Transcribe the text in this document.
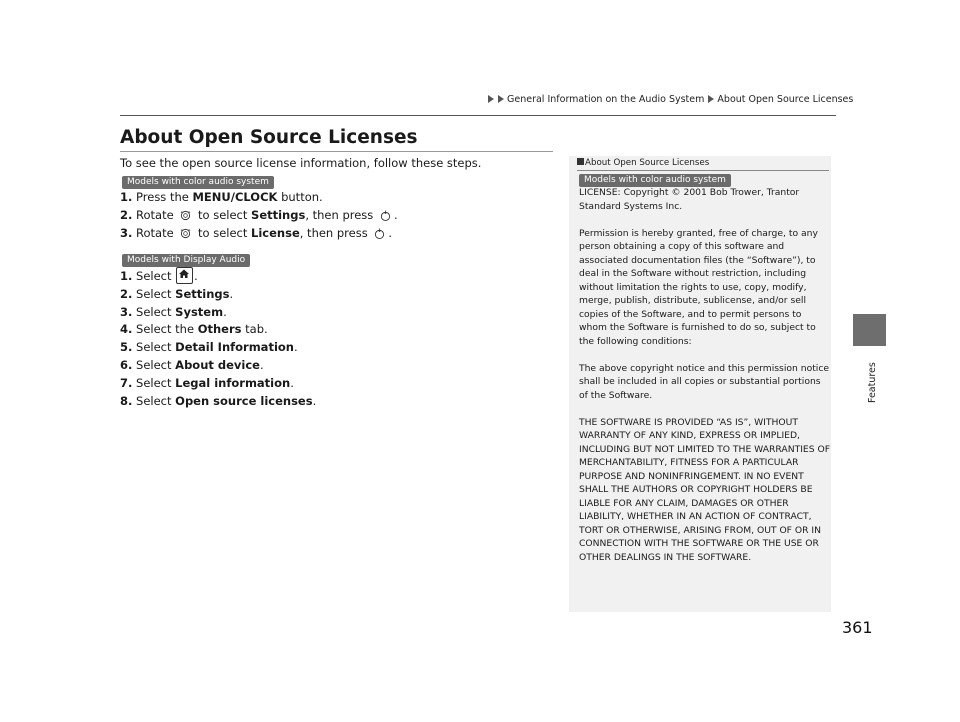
General Information on the Audio System About Open Source Licenses
Features
About Open Source Licenses
To see the open source license information, follow these steps.
Models with color audio system
1. Press the MENU/CLOCK button.
2. Rotate  to select Settings, then press .
3. Rotate  to select License, then press .
Models with Display Audio
1. Select
.
2. Select Settings.
3. Select System.
4. Select the Others tab.
5. Select Detail Information.
6. Select About device.
7. Select Legal information.
8. Select Open source licenses.
About Open Source Licenses
Models with color audio system

LICENSE: Copyright © 2001 Bob Trower, Trantor Standard Systems Inc.

Permission is hereby granted, free of charge, to any person obtaining a copy of this software and associated documentation files (the “Software”), to deal in the Software without restriction, including without limitation the rights to use, copy, modify, merge, publish, distribute, sublicense, and/or sell copies of the Software, and to permit persons to whom the Software is furnished to do so, subject to the following conditions:

The above copyright notice and this permission notice shall be included in all copies or substantial portions of the Software.

THE SOFTWARE IS PROVIDED “AS IS”, WITHOUT WARRANTY OF ANY KIND, EXPRESS OR IMPLIED, INCLUDING BUT NOT LIMITED TO THE WARRANTIES OF MERCHANTABILITY, FITNESS FOR A PARTICULAR PURPOSE AND NONINFRINGEMENT. IN NO EVENT SHALL THE AUTHORS OR COPYRIGHT HOLDERS BE LIABLE FOR ANY CLAIM, DAMAGES OR OTHER LIABILITY, WHETHER IN AN ACTION OF CONTRACT, TORT OR OTHERWISE, ARISING FROM, OUT OF OR IN CONNECTION WITH THE SOFTWARE OR THE USE OR OTHER DEALINGS IN THE SOFTWARE.

361
